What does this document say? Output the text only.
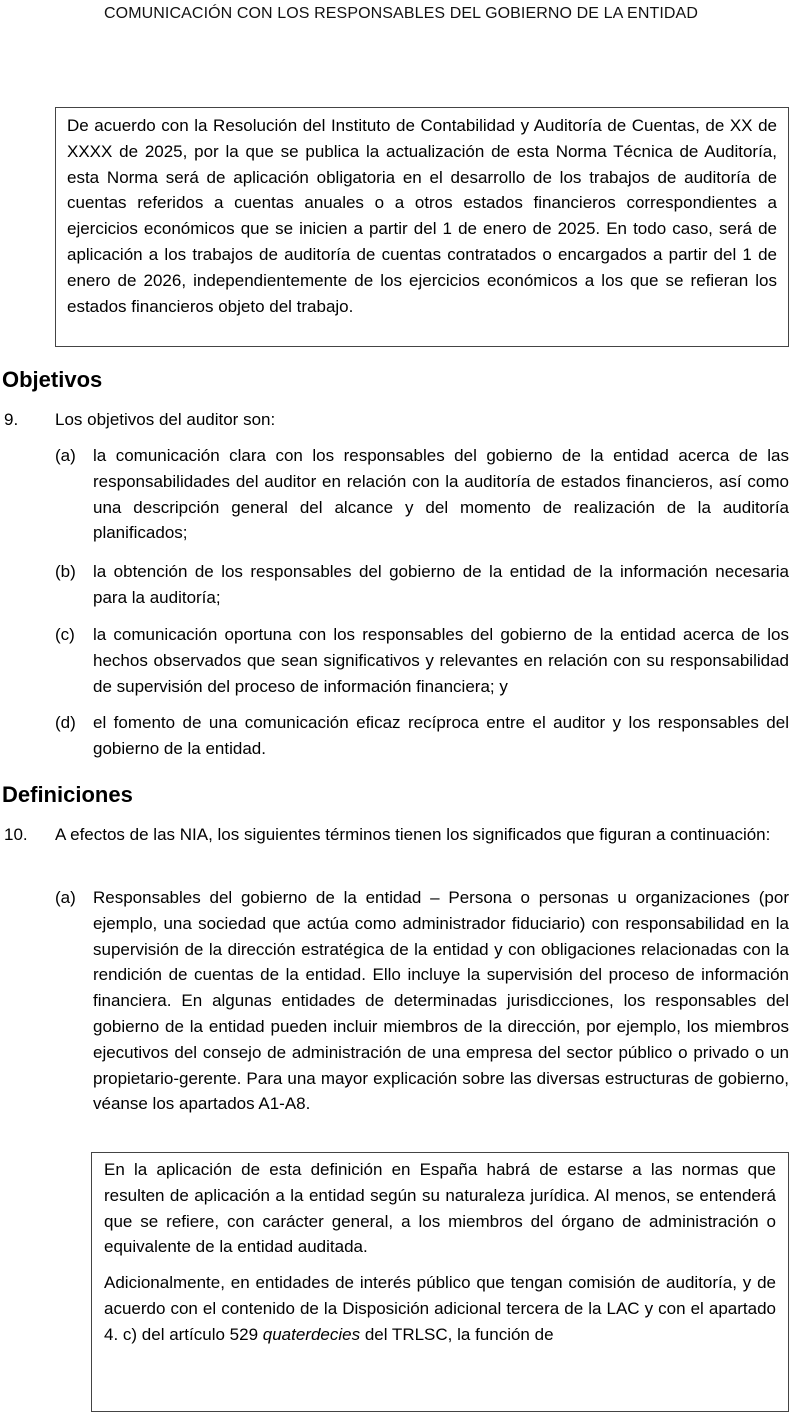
COMUNICACIÓN CON LOS RESPONSABLES DEL GOBIERNO DE LA ENTIDAD
De acuerdo con la Resolución del Instituto de Contabilidad y Auditoría de Cuentas, de XX de XXXX de 2025, por la que se publica la actualización de esta Norma Técnica de Auditoría, esta Norma será de aplicación obligatoria en el desarrollo de los trabajos de auditoría de cuentas referidos a cuentas anuales o a otros estados financieros correspondientes a ejercicios económicos que se inicien a partir del 1 de enero de 2025. En todo caso, será de aplicación a los trabajos de auditoría de cuentas contratados o encargados a partir del 1 de enero de 2026, independientemente de los ejercicios económicos a los que se refieran los estados financieros objeto del trabajo.
Objetivos
9. Los objetivos del auditor son:
(a) la comunicación clara con los responsables del gobierno de la entidad acerca de las responsabilidades del auditor en relación con la auditoría de estados financieros, así como una descripción general del alcance y del momento de realización de la auditoría planificados;
(b) la obtención de los responsables del gobierno de la entidad de la información necesaria para la auditoría;
(c) la comunicación oportuna con los responsables del gobierno de la entidad acerca de los hechos observados que sean significativos y relevantes en relación con su responsabilidad de supervisión del proceso de información financiera; y
(d) el fomento de una comunicación eficaz recíproca entre el auditor y los responsables del gobierno de la entidad.
Definiciones
10. A efectos de las NIA, los siguientes términos tienen los significados que figuran a continuación:
(a) Responsables del gobierno de la entidad – Persona o personas u organizaciones (por ejemplo, una sociedad que actúa como administrador fiduciario) con responsabilidad en la supervisión de la dirección estratégica de la entidad y con obligaciones relacionadas con la rendición de cuentas de la entidad. Ello incluye la supervisión del proceso de información financiera. En algunas entidades de determinadas jurisdicciones, los responsables del gobierno de la entidad pueden incluir miembros de la dirección, por ejemplo, los miembros ejecutivos del consejo de administración de una empresa del sector público o privado o un propietario-gerente. Para una mayor explicación sobre las diversas estructuras de gobierno, véanse los apartados A1-A8.

En la aplicación de esta definición en España habrá de estarse a las normas que resulten de aplicación a la entidad según su naturaleza jurídica. Al menos, se entenderá que se refiere, con carácter general, a los miembros del órgano de administración o equivalente de la entidad auditada.

Adicionalmente, en entidades de interés público que tengan comisión de auditoría, y de acuerdo con el contenido de la Disposición adicional tercera de la LAC y con el apartado 4. c) del artículo 529 quaterdecies del TRLSC, la función de
